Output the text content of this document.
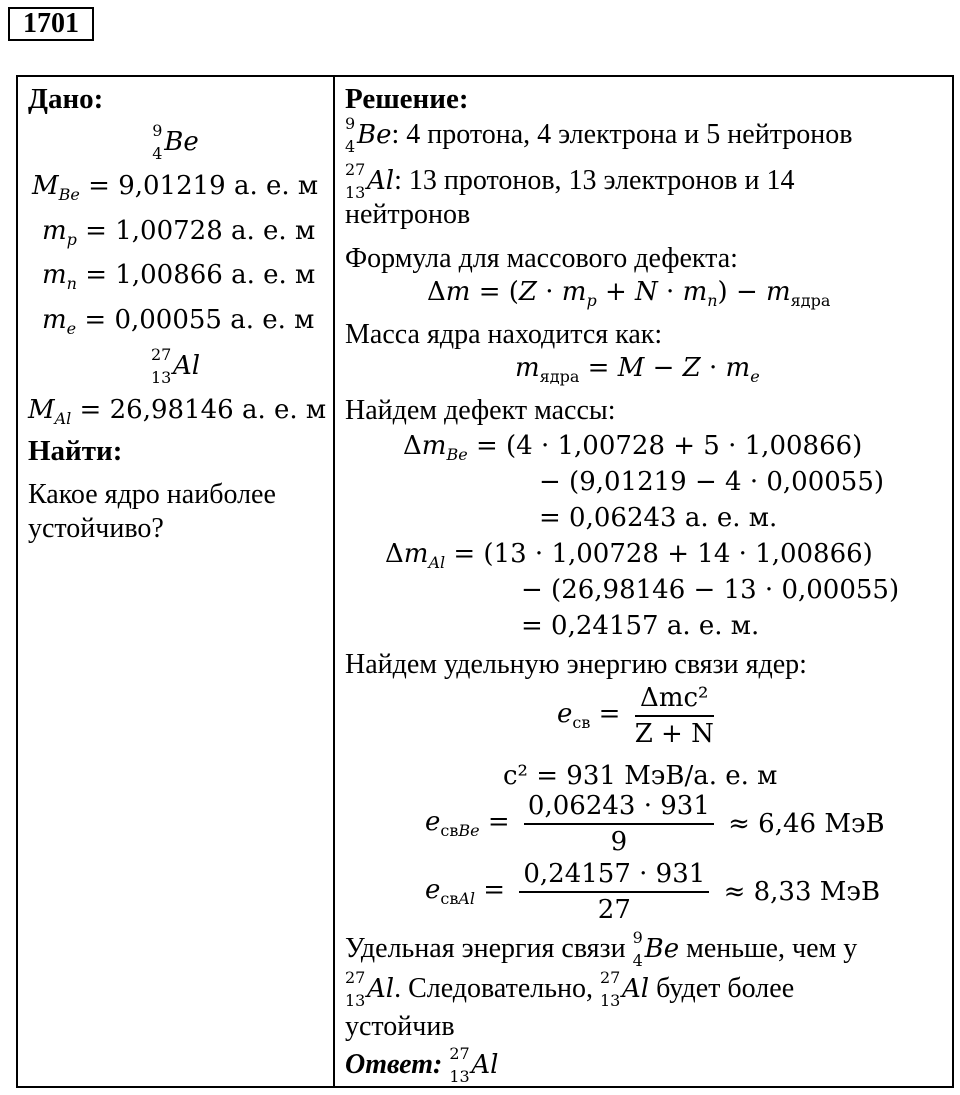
1701
Дано:
9
4 Be
$M_{Be} = 9,01219$ а. е. м
$m_p = 1,00728$ а. е. м
$m_n = 1,00866$ а. е. м
$m_e = 0,00055$ а. е. м
27
13 Al
$M_{Al} = 26,98146$ а. е. м
Найти:
Какое ядро наиболее
устойчиво?
Решение:
9
4 Be: 4 протона, 4 электрона и 5 нейтронов
27
13 Al: 13 протонов, 13 электронов и 14
нейтронов
Формула для массового дефекта:
$\Delta m = (Z \cdot m_p + N \cdot m_n) - m_{ядра}$
Масса ядра находится как:
$m_{ядра} = M - Z \cdot m_e$
Найдем дефект массы:
$\Delta m_{Be} = (4 \cdot 1,00728 + 5 \cdot 1,00866)$
− (9,01219 − 4 · 0,00055)
= 0,06243 а. е. м.
$\Delta m_{Al} = (13 \cdot 1,00728 + 14 \cdot 1,00866)$
− (26,98146 − 13 · 0,00055)
= 0,24157 а. е. м.
Найдем удельную энергию связи ядер:
$e_{св} = \frac{\text{Δmc²}}{Z + N}$
c² = 931 МэВ/а. е. м
$e_{свBe} = \frac{0,06243 \cdot 931}{9} \approx 6,46$ МэВ
$e_{свAl} = \frac{0,24157 \cdot 931}{27} \approx 8,33$ МэВ
Удельная энергия связи 9
4 Be меньше, чем у
27
13 Al. Следовательно, 27
13 Al будет более
устойчив
Ответ: 27
13 Al
